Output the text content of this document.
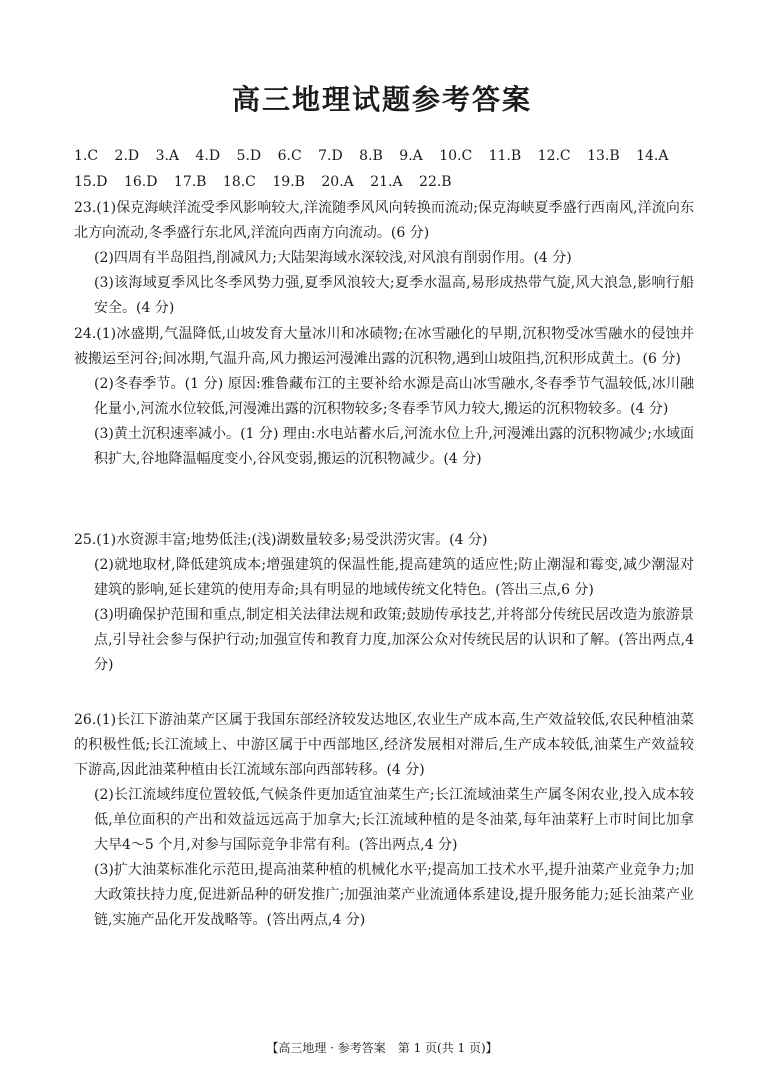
高三地理试题参考答案
1.C 2.D 3.A 4.D 5.D 6.C 7.D 8.B 9.A 10.C 11.B 12.C 13.B 14.A
15.D 16.D 17.B 18.C 19.B 20.A 21.A 22.B

23.(1)保克海峡洋流受季风影响较大,洋流随季风风向转换而流动;保克海峡夏季盛行西南风,洋流向东北方向流动,冬季盛行东北风,洋流向西南方向流动。(6 分)

(2)四周有半岛阻挡,削减风力;大陆架海域水深较浅,对风浪有削弱作用。(4 分)

(3)该海域夏季风比冬季风势力强,夏季风浪较大;夏季水温高,易形成热带气旋,风大浪急,影响行船安全。(4 分)

24.(1)冰盛期,气温降低,山坡发育大量冰川和冰碛物;在冰雪融化的早期,沉积物受冰雪融水的侵蚀并被搬运至河谷;间冰期,气温升高,风力搬运河漫滩出露的沉积物,遇到山坡阻挡,沉积形成黄土。(6 分)

(2)冬春季节。(1 分) 原因:雅鲁藏布江的主要补给水源是高山冰雪融水,冬春季节气温较低,冰川融化量小,河流水位较低,河漫滩出露的沉积物较多;冬春季节风力较大,搬运的沉积物较多。(4 分)

(3)黄土沉积速率减小。(1 分) 理由:水电站蓄水后,河流水位上升,河漫滩出露的沉积物减少;水域面积扩大,谷地降温幅度变小,谷风变弱,搬运的沉积物减少。(4 分)

25.(1)水资源丰富;地势低洼;(浅)湖数量较多;易受洪涝灾害。(4 分)

(2)就地取材,降低建筑成本;增强建筑的保温性能,提高建筑的适应性;防止潮湿和霉变,减少潮湿对建筑的影响,延长建筑的使用寿命;具有明显的地域传统文化特色。(答出三点,6 分)

(3)明确保护范围和重点,制定相关法律法规和政策;鼓励传承技艺,并将部分传统民居改造为旅游景点,引导社会参与保护行动;加强宣传和教育力度,加深公众对传统民居的认识和了解。(答出两点,4 分)

26.(1)长江下游油菜产区属于我国东部经济较发达地区,农业生产成本高,生产效益较低,农民种植油菜的积极性低;长江流域上、中游区属于中西部地区,经济发展相对滞后,生产成本较低,油菜生产效益较下游高,因此油菜种植由长江流域东部向西部转移。(4 分)

(2)长江流域纬度位置较低,气候条件更加适宜油菜生产;长江流域油菜生产属冬闲农业,投入成本较低,单位面积的产出和效益远远高于加拿大;长江流域种植的是冬油菜,每年油菜籽上市时间比加拿大早4～5 个月,对参与国际竞争非常有利。(答出两点,4 分)

(3)扩大油菜标准化示范田,提高油菜种植的机械化水平;提高加工技术水平,提升油菜产业竞争力;加大政策扶持力度,促进新品种的研发推广;加强油菜产业流通体系建设,提升服务能力;延长油菜产业链,实施产品化开发战略等。(答出两点,4 分)

【高三地理 · 参考答案　第 1 页(共 1 页)】
